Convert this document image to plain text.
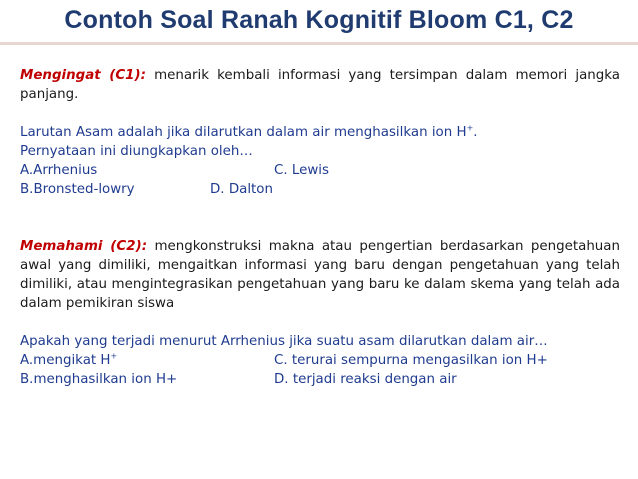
Contoh Soal Ranah Kognitif Bloom C1, C2

Mengingat (C1): menarik kembali informasi yang tersimpan dalam memori jangka panjang.

Larutan Asam adalah jika dilarutkan dalam air menghasilkan ion H+.

Pernyataan ini diungkapkan oleh…

A.Arrhenius	C. Lewis
B.Bronsted-lowry	D. Dalton

Memahami (C2): mengkonstruksi makna atau pengertian berdasarkan pengetahuan awal yang dimiliki, mengaitkan informasi yang baru dengan pengetahuan yang telah dimiliki, atau mengintegrasikan pengetahuan yang baru ke dalam skema yang telah ada dalam pemikiran siswa

Apakah yang terjadi menurut Arrhenius jika suatu asam dilarutkan dalam air…

A.mengikat H+	C. terurai sempurna mengasilkan ion H+
B.menghasilkan ion H+	D. terjadi reaksi dengan air
